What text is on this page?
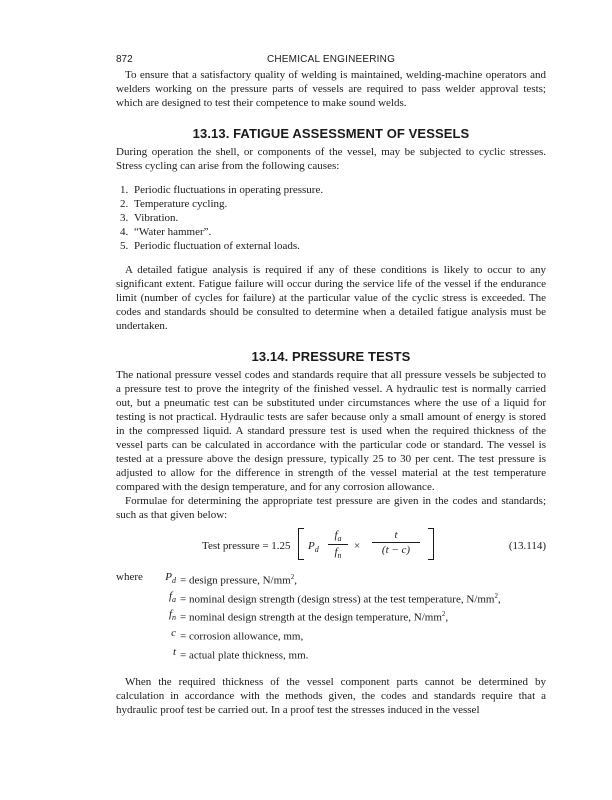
872	CHEMICAL ENGINEERING

To ensure that a satisfactory quality of welding is maintained, welding-machine operators and welders working on the pressure parts of vessels are required to pass welder approval tests; which are designed to test their competence to make sound welds.

13.13. FATIGUE ASSESSMENT OF VESSELS

During operation the shell, or components of the vessel, may be subjected to cyclic stresses. Stress cycling can arise from the following causes:

1. Periodic fluctuations in operating pressure.
2. Temperature cycling.
3. Vibration.
4. “Water hammer”.
5. Periodic fluctuation of external loads.

A detailed fatigue analysis is required if any of these conditions is likely to occur to any significant extent. Fatigue failure will occur during the service life of the vessel if the endurance limit (number of cycles for failure) at the particular value of the cyclic stress is exceeded. The codes and standards should be consulted to determine when a detailed fatigue analysis must be undertaken.

13.14. PRESSURE TESTS

The national pressure vessel codes and standards require that all pressure vessels be subjected to a pressure test to prove the integrity of the finished vessel. A hydraulic test is normally carried out, but a pneumatic test can be substituted under circumstances where the use of a liquid for testing is not practical. Hydraulic tests are safer because only a small amount of energy is stored in the compressed liquid. A standard pressure test is used when the required thickness of the vessel parts can be calculated in accordance with the particular code or standard. The vessel is tested at a pressure above the design pressure, typically 25 to 30 per cent. The test pressure is adjusted to allow for the difference in strength of the vessel material at the test temperature compared with the design temperature, and for any corrosion allowance.

Formulae for determining the appropriate test pressure are given in the codes and standards; such as that given below:

Test pressure = 1.25 $P_d$
$f_a$
$f_n$
×
t
(t − c)	(13.114)
where	$P_d$ = design pressure, $N/mm^2$,
$f_a$ = nominal design strength (design stress) at the test temperature, $N/mm^2$,
$f_n$ = nominal design strength at the design temperature, $N/mm^2$,
c = corrosion allowance, mm,
t = actual plate thickness, mm.

When the required thickness of the vessel component parts cannot be determined by calculation in accordance with the methods given, the codes and standards require that a hydraulic proof test be carried out. In a proof test the stresses induced in the vessel
